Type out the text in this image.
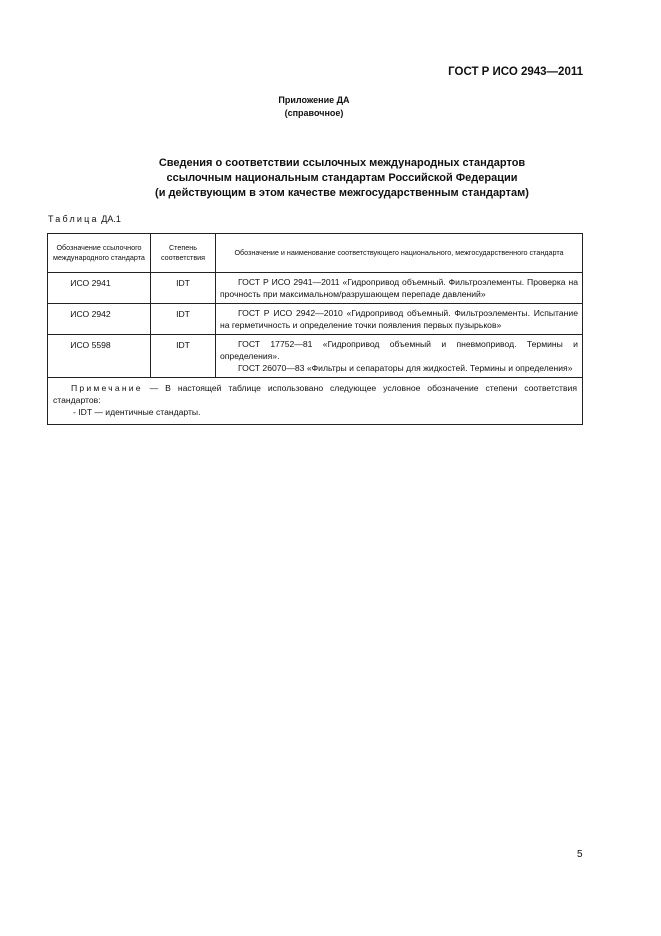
ГОСТ Р ИСО 2943—2011
Приложение ДА
(справочное)
Сведения о соответствии ссылочных международных стандартов
ссылочным национальным стандартам Российской Федерации
(и действующим в этом качестве межгосударственным стандартам)
Таблица ДА.1
Обозначение ссылочного международного стандарта	Степень соответствия	Обозначение и наименование соответствующего национального, межгосударственного стандарта
ИСО 2941	IDT	ГОСТ Р ИСО 2941—2011 «Гидропривод объемный. Фильтроэлементы. Проверка на прочность при максимальном/разрушающем перепаде давлений»

ИСО 2942	IDT	ГОСТ Р ИСО 2942—2010 «Гидропривод объемный. Фильтроэлементы. Испытание на герметичность и определение точки появления первых пузырьков»

ИСО 5598	IDT	ГОСТ 17752—81 «Гидропривод объемный и пневмопривод. Термины и определения».

ГОСТ 26070—83 «Фильтры и сепараторы для жидкостей. Термины и определения»

Примечание — В настоящей таблице использовано следующее условное обозначение степени соответствия стандартов:

- IDT — идентичные стандарты.		

5
